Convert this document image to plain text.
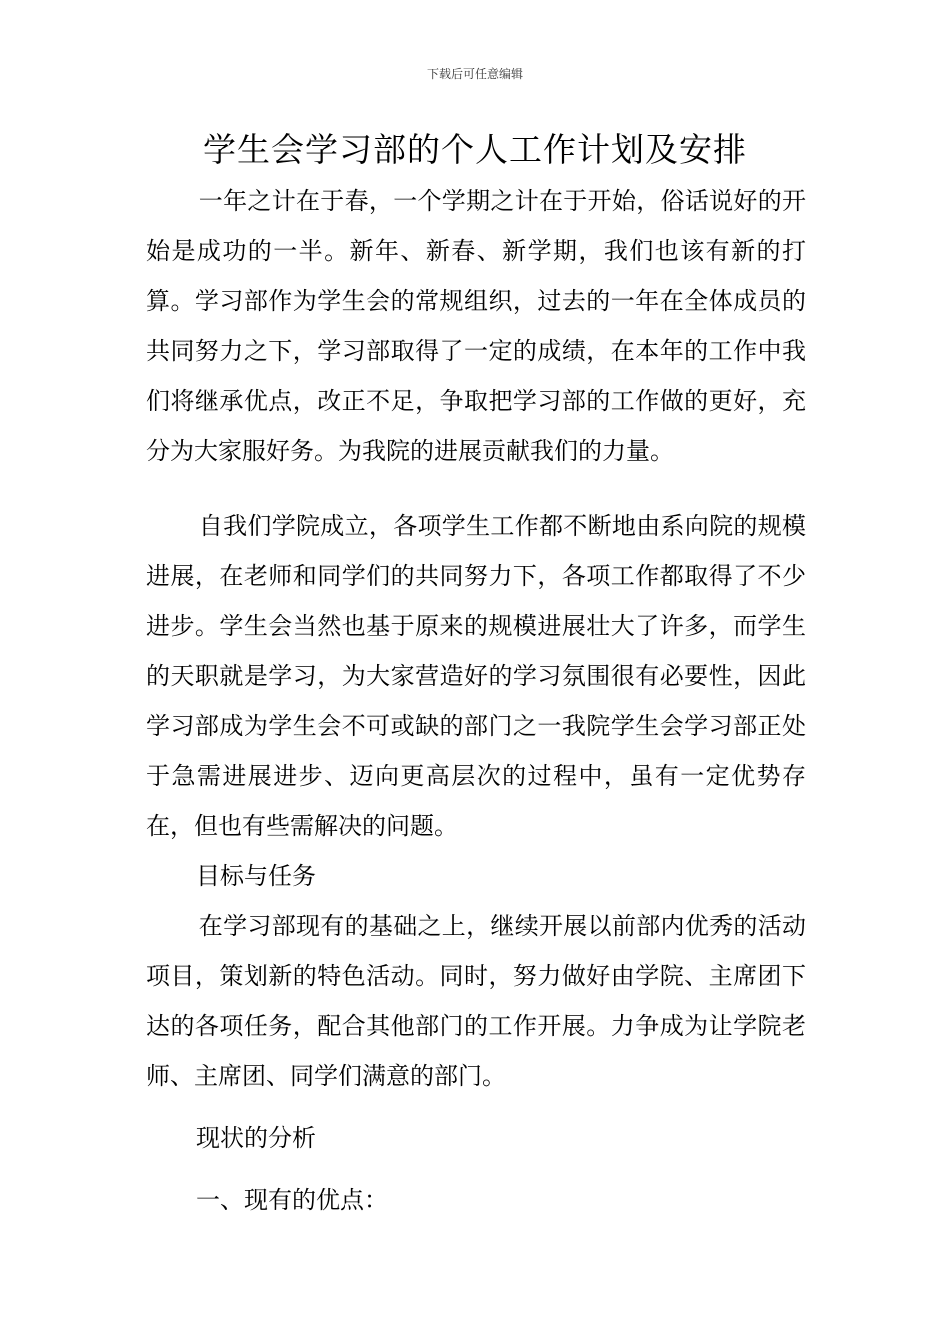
下载后可任意编辑
学生会学习部的个人工作计划及安排

一年之计在于春，一个学期之计在于开始，俗话说好的开始是成功的一半。新年、新春、新学期，我们也该有新的打算。学习部作为学生会的常规组织，过去的一年在全体成员的共同努力之下，学习部取得了一定的成绩，在本年的工作中我们将继承优点，改正不足，争取把学习部的工作做的更好，充分为大家服好务。为我院的进展贡献我们的力量。

自我们学院成立，各项学生工作都不断地由系向院的规模进展，在老师和同学们的共同努力下，各项工作都取得了不少进步。学生会当然也基于原来的规模进展壮大了许多，而学生的天职就是学习，为大家营造好的学习氛围很有必要性，因此学习部成为学生会不可或缺的部门之一我院学生会学习部正处于急需进展进步、迈向更高层次的过程中，虽有一定优势存在，但也有些需解决的问题。

目标与任务

在学习部现有的基础之上，继续开展以前部内优秀的活动项目，策划新的特色活动。同时，努力做好由学院、主席团下达的各项任务，配合其他部门的工作开展。力争成为让学院老师、主席团、同学们满意的部门。

现状的分析

一、现有的优点：
